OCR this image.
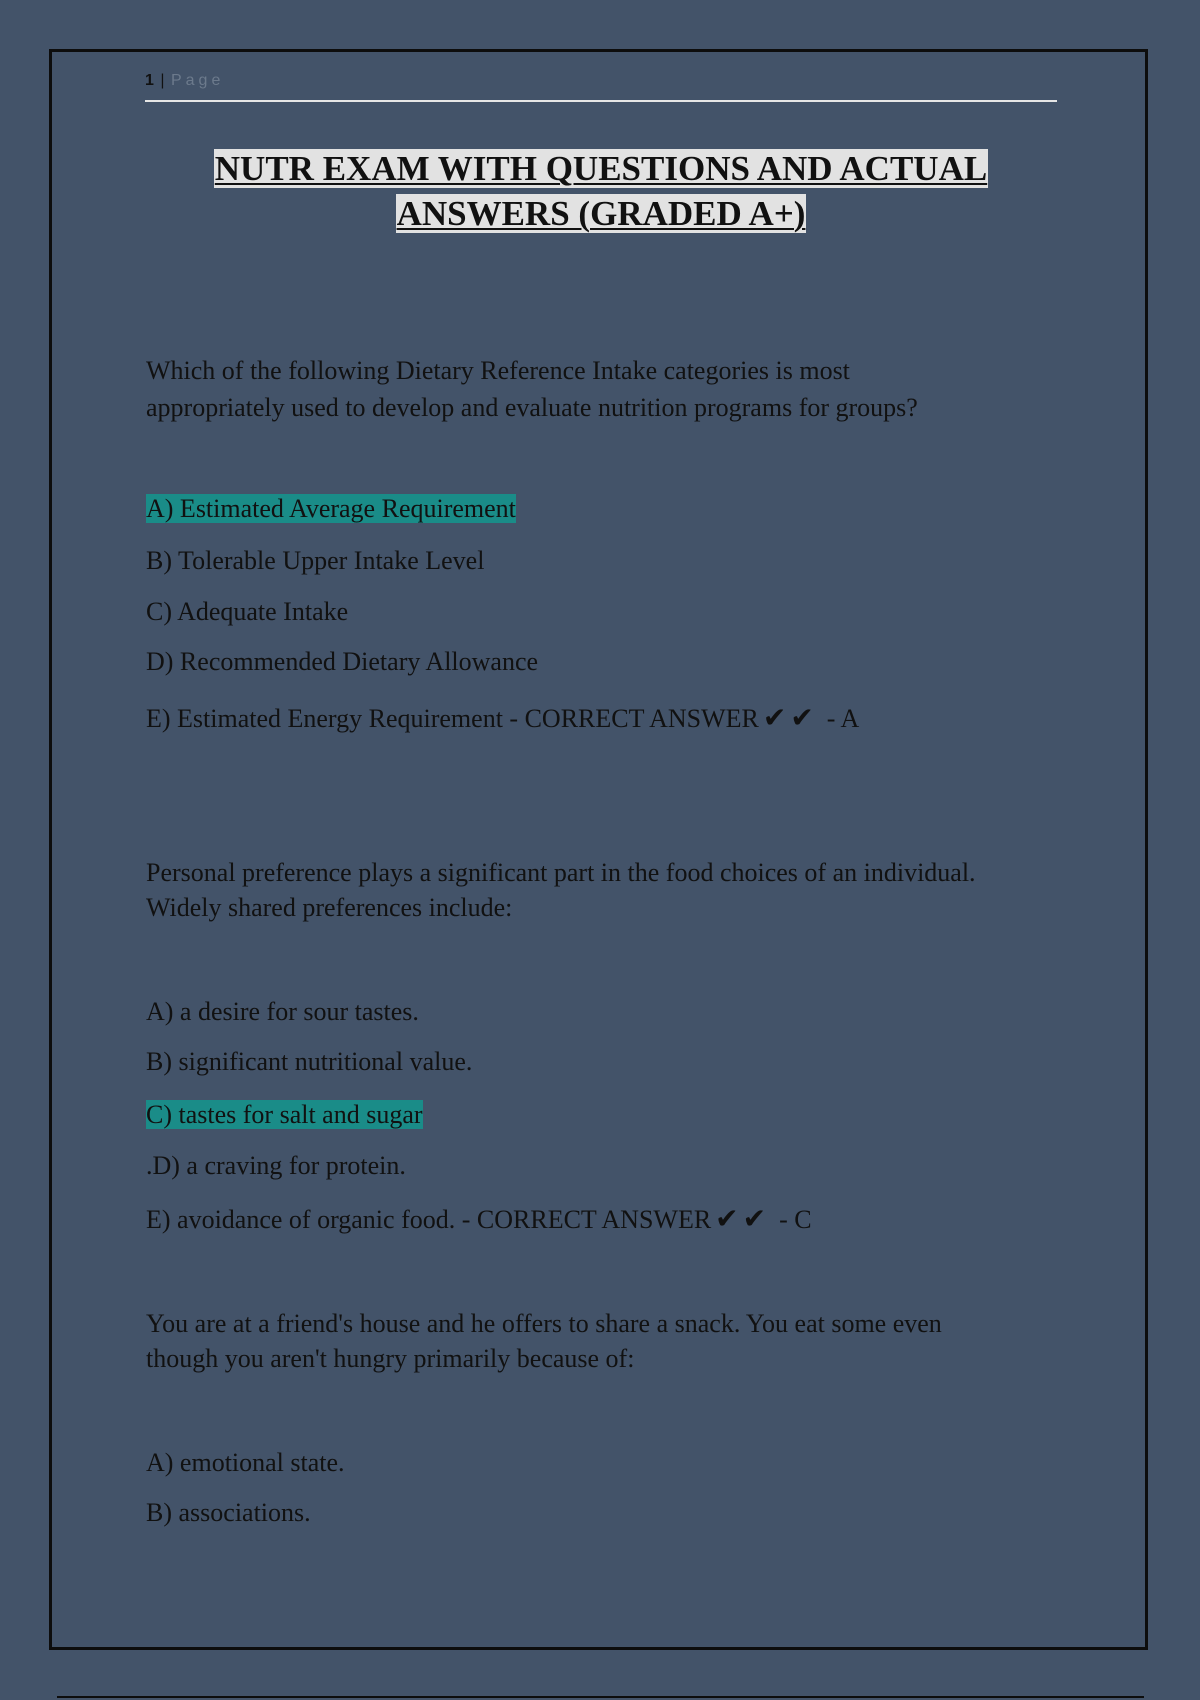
1 | Page
NUTR EXAM WITH QUESTIONS AND ACTUAL
ANSWERS (GRADED A+)
Which of the following Dietary Reference Intake categories is most
appropriately used to develop and evaluate nutrition programs for groups?
A) Estimated Average Requirement
B) Tolerable Upper Intake Level
C) Adequate Intake
D) Recommended Dietary Allowance
E) Estimated Energy Requirement - CORRECT ANSWER ✔ ✔ - A
Personal preference plays a significant part in the food choices of an individual.
Widely shared preferences include:
A) a desire for sour tastes.
B) significant nutritional value.
C) tastes for salt and sugar
.D) a craving for protein.
E) avoidance of organic food. - CORRECT ANSWER ✔ ✔ - C
You are at a friend's house and he offers to share a snack. You eat some even
though you aren't hungry primarily because of:
A) emotional state.
B) associations.
